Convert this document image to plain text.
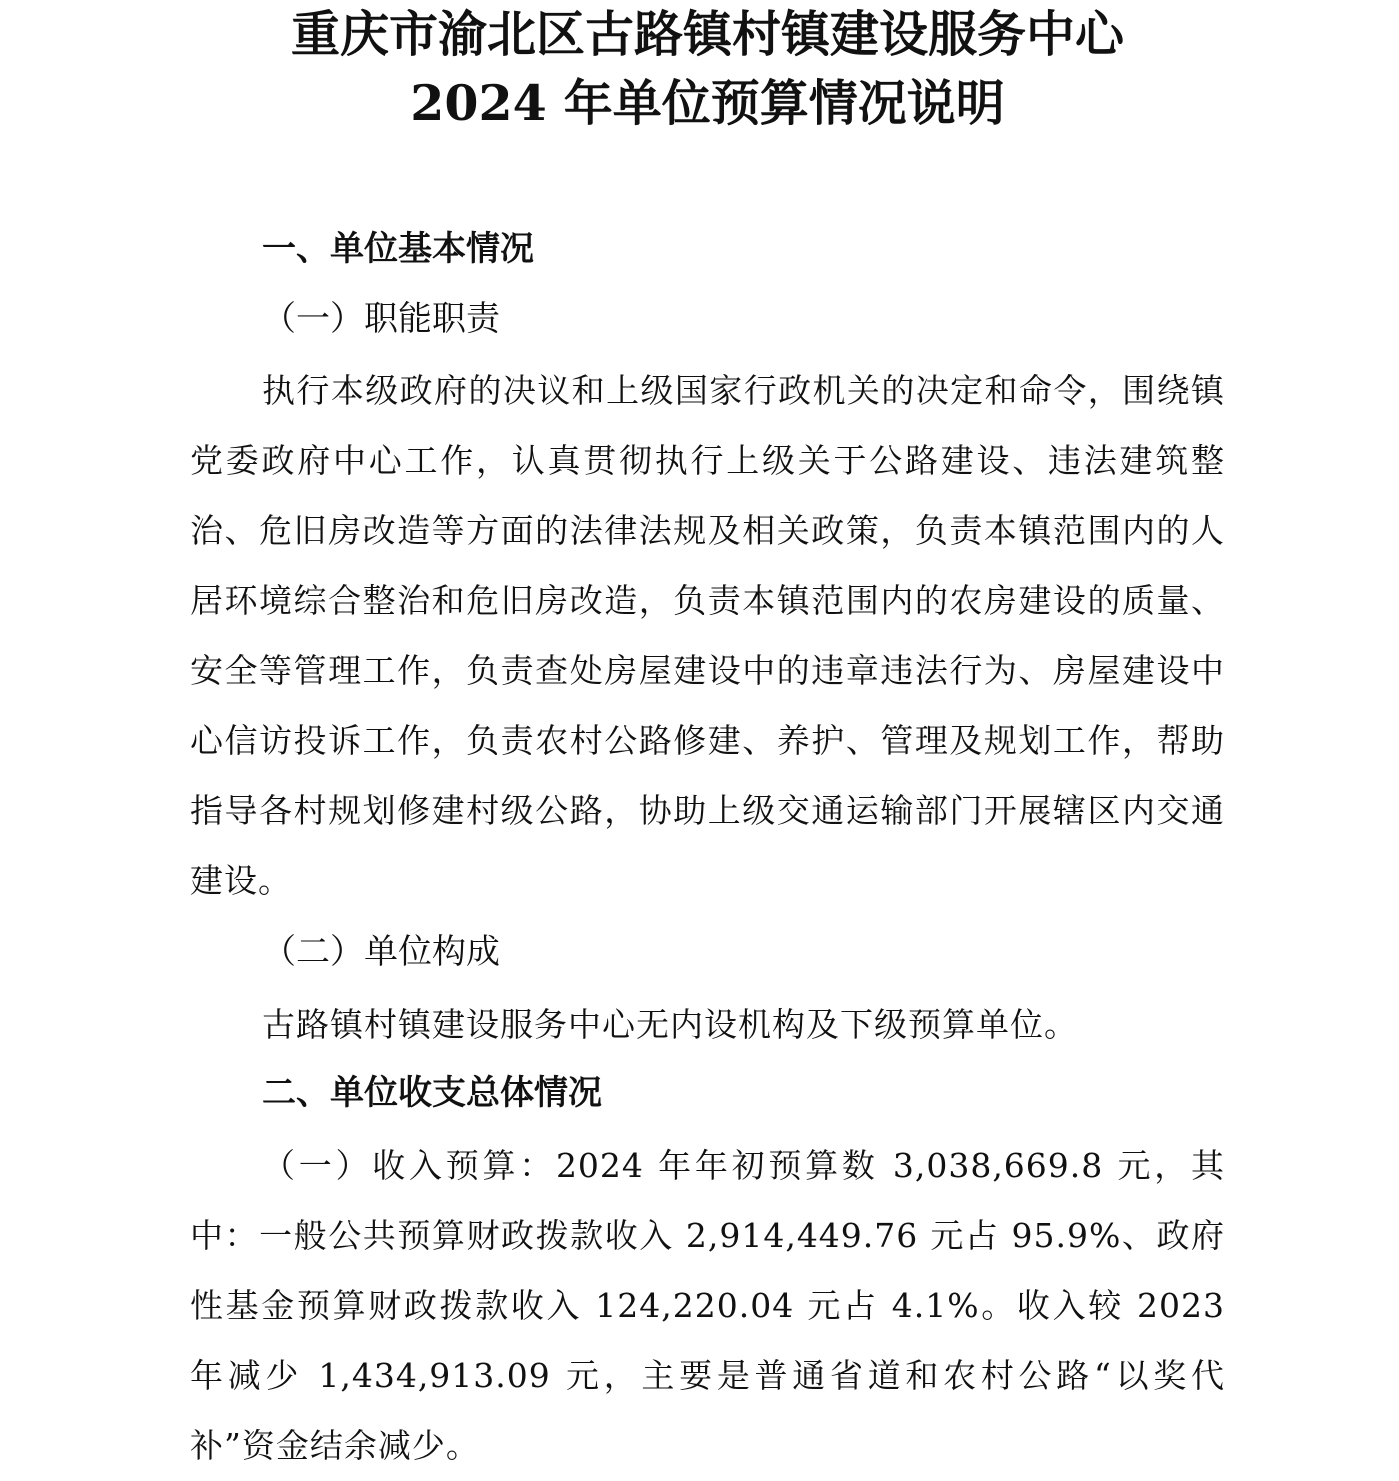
重庆市渝北区古路镇村镇建设服务中心
2024 年单位预算情况说明
一、单位基本情况
（一）职能职责
执行本级政府的决议和上级国家行政机关的决定和命令，围绕镇党委政府中心工作，认真贯彻执行上级关于公路建设、违法建筑整治、危旧房改造等方面的法律法规及相关政策，负责本镇范围内的人居环境综合整治和危旧房改造，负责本镇范围内的农房建设的质量、安全等管理工作，负责查处房屋建设中的违章违法行为、房屋建设中心信访投诉工作，负责农村公路修建、养护、管理及规划工作，帮助指导各村规划修建村级公路，协助上级交通运输部门开展辖区内交通建设。
（二）单位构成
古路镇村镇建设服务中心无内设机构及下级预算单位。
二、单位收支总体情况
（一）收入预算：2024 年年初预算数 3,038,669.8 元，其中：一般公共预算财政拨款收入 2,914,449.76 元占 95.9%、政府性基金预算财政拨款收入 124,220.04 元占 4.1%。收入较 2023 年减少 1,434,913.09 元，主要是普通省道和农村公路“以奖代补”资金结余减少。
